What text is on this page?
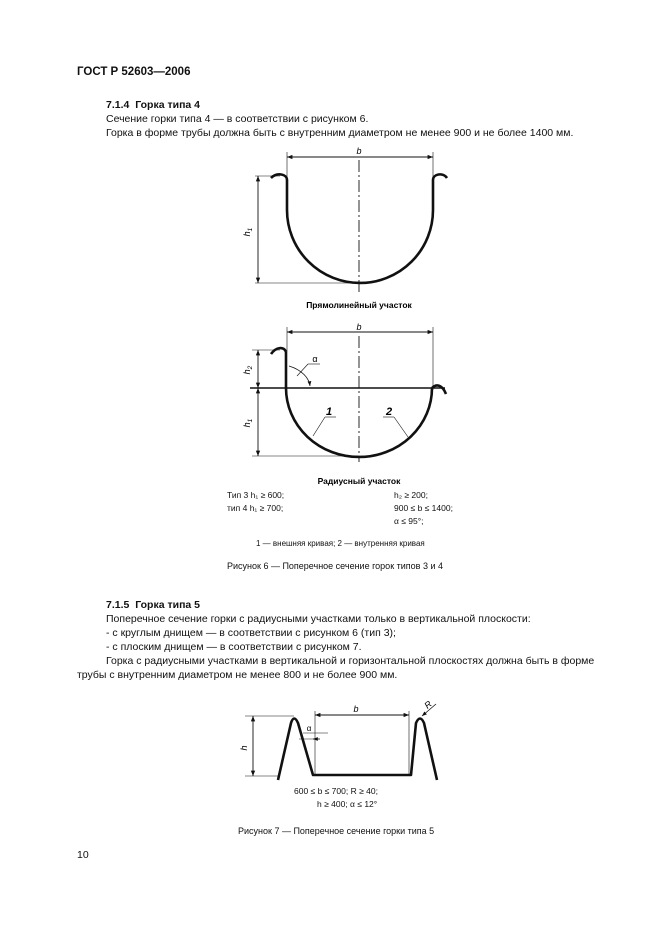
ГОСТ Р 52603—2006
7.1.4 Горка типа 4
Сечение горки типа 4 — в соответствии с рисунком 6.
Горка в форме трубы должна быть с внутренним диаметром не менее 900 и не более 1400 мм.
b
$h_1$
Прямолинейный участок
b
α
1	2
$h_2$
$h_1$
Радиусный участок
Тип 3 h₁ ≥ 600;
тип 4 h₁ ≥ 700;
h₂ ≥ 200;
900 ≤ b ≤ 1400;
α ≤ 95°;
1 — внешняя кривая; 2 — внутренняя кривая
Рисунок 6 — Поперечное сечение горок типов 3 и 4
7.1.5 Горка типа 5
Поперечное сечение горки с радиусными участками только в вертикальной плоскости:
- с круглым днищем — в соответствии с рисунком 6 (тип 3);
- с плоским днищем — в соответствии с рисунком 7.
Горка с радиусными участками в вертикальной и горизонтальной плоскостях должна быть в форме
трубы с внутренним диаметром не менее 800 и не более 900 мм.
b
h
α
R
600 ≤ b ≤ 700; R ≥ 40;
h ≥ 400; α ≤ 12°
Рисунок 7 — Поперечное сечение горки типа 5
10
